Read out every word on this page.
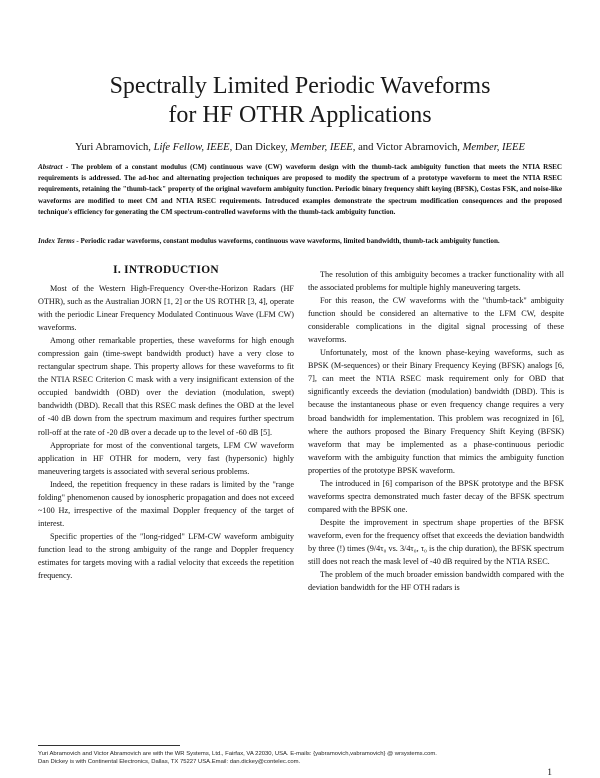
Spectrally Limited Periodic Waveforms
for HF OTHR Applications
Yuri Abramovich, Life Fellow, IEEE, Dan Dickey, Member, IEEE, and Victor Abramovich, Member, IEEE
Abstract - The problem of a constant modulus (CM) continuous wave (CW) waveform design with the thumb-tack ambiguity function that meets the NTIA RSEC requirements is addressed. The ad-hoc and alternating projection techniques are proposed to modify the spectrum of a prototype waveform to meet the NTIA RSEC requirements, retaining the "thumb-tack" property of the original waveform ambiguity function. Periodic binary frequency shift keying (BFSK), Costas FSK, and noise-like waveforms are modified to meet CM and NTIA RSEC requirements. Introduced examples demonstrate the spectrum modification consequences and the proposed technique's efficiency for generating the CM spectrum-controlled waveforms with the thumb-tack ambiguity function.
Index Terms - Periodic radar waveforms, constant modulus waveforms, continuous wave waveforms, limited bandwidth, thumb-tack ambiguity function.
I. INTRODUCTION

Most of the Western High-Frequency Over-the-Horizon Radars (HF OTHR), such as the Australian JORN [1, 2] or the US ROTHR [3, 4], operate with the periodic Linear Frequency Modulated Continuous Wave (LFM CW) waveforms.

Among other remarkable properties, these waveforms for high enough compression gain (time-swept bandwidth product) have a very close to rectangular spectrum shape. This property allows for these waveforms to fit the NTIA RSEC Criterion C mask with a very insignificant extension of the occupied bandwidth (OBD) over the deviation (modulation, swept) bandwidth (DBD). Recall that this RSEC mask defines the OBD at the level of -40 dB down from the spectrum maximum and requires further spectrum roll-off at the rate of -20 dB over a decade up to the level of -60 dB [5].

Appropriate for most of the conventional targets, LFM CW waveform application in HF OTHR for modern, very fast (hypersonic) highly maneuvering targets is associated with several serious problems.

Indeed, the repetition frequency in these radars is limited by the "range folding" phenomenon caused by ionospheric propagation and does not exceed ~100 Hz, irrespective of the maximal Doppler frequency of the target of interest.

Specific properties of the "long-ridged" LFM-CW waveform ambiguity function lead to the strong ambiguity of the range and Doppler frequency estimates for targets moving with a radial velocity that exceeds the repetition frequency.

The resolution of this ambiguity becomes a tracker functionality with all the associated problems for multiple highly maneuvering targets.

For this reason, the CW waveforms with the "thumb-tack" ambiguity function should be considered an alternative to the LFM CW, despite considerable complications in the digital signal processing of these waveforms.

Unfortunately, most of the known phase-keying waveforms, such as BPSK (M-sequences) or their Binary Frequency Keying (BFSK) analogs [6, 7], can meet the NTIA RSEC mask requirement only for OBD that significantly exceeds the deviation (modulation) bandwidth (DBD). This is because the instantaneous phase or even frequency change requires a very broad bandwidth for implementation. This problem was recognized in [6], where the authors proposed the Binary Frequency Shift Keying (BFSK) waveform that may be implemented as a phase-continuous periodic waveform with the ambiguity function that mimics the ambiguity function properties of the prototype BPSK waveform.

The introduced in [6] comparison of the BPSK prototype and the BFSK waveforms spectra demonstrated much faster decay of the BFSK spectrum compared with the BPSK one.

Despite the improvement in spectrum shape properties of the BFSK waveform, even for the frequency offset that exceeds the deviation bandwidth by three (!) times (9/4τ₀ vs. 3/4τ₀, τ₀ is the chip duration), the BFSK spectrum still does not reach the mask level of -40 dB required by the NTIA RSEC.

The problem of the much broader emission bandwidth compared with the deviation bandwidth for the HF OTH radars is

Yuri Abramovich and Victor Abramovich are with the WR Systems, Ltd., Fairfax, VA 22030, USA. E-mails: {yabramovich,vabramovich} @ wrsystems.com.
Dan Dickey is with Continental Electronics, Dallas, TX 75227 USA.Email: dan.dickey@contelec.com.
1
